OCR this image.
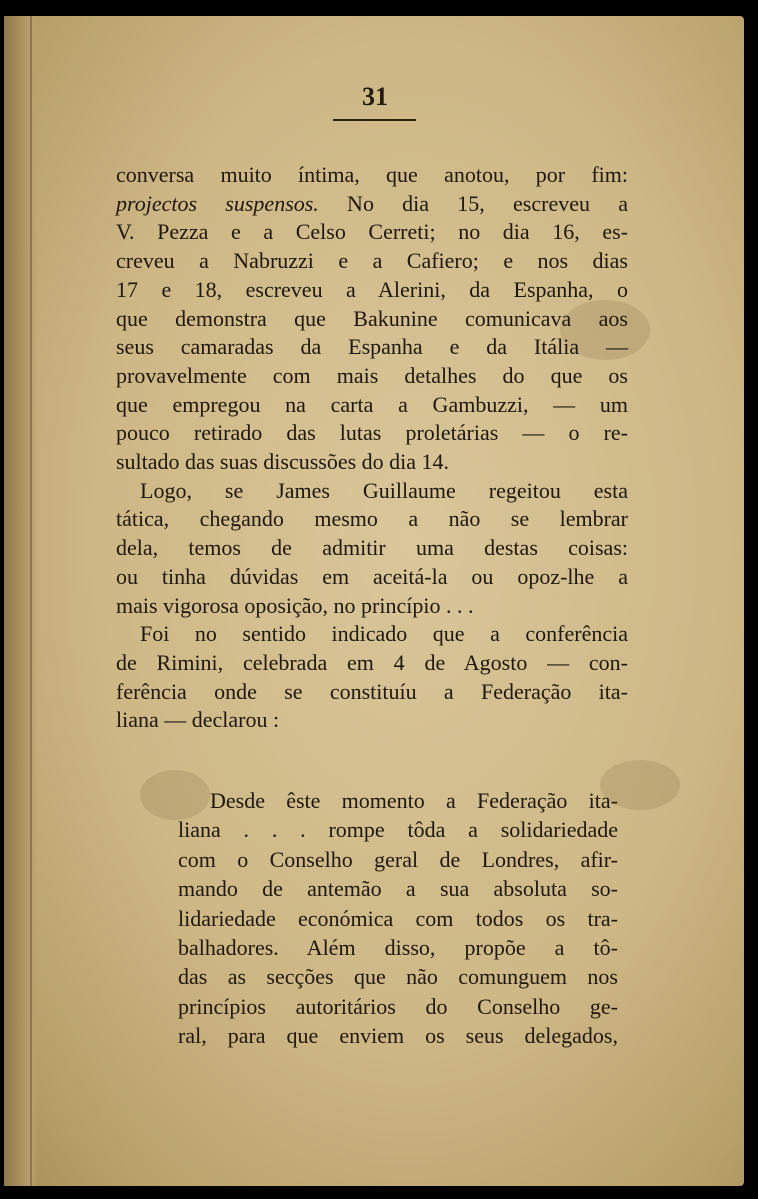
31
conversa muito íntima, que anotou, por fim:
projectos suspensos. No dia 15, escreveu a
V. Pezza e a Celso Cerreti; no dia 16, es-
creveu a Nabruzzi e a Cafiero; e nos dias
17 e 18, escreveu a Alerini, da Espanha, o
que demonstra que Bakunine comunicava aos
seus camaradas da Espanha e da Itália —
provavelmente com mais detalhes do que os
que empregou na carta a Gambuzzi, — um
pouco retirado das lutas proletárias — o re-
sultado das suas discussões do dia 14.
Logo, se James Guillaume regeitou esta
tática, chegando mesmo a não se lembrar
dela, temos de admitir uma destas coisas:
ou tinha dúvidas em aceitá-la ou opoz-lhe a
mais vigorosa oposição, no princípio . . .
Foi no sentido indicado que a conferência
de Rimini, celebrada em 4 de Agosto — con-
ferência onde se constituíu a Federação ita-
liana — declarou :
Desde êste momento a Federação ita-
liana . . . rompe tôda a solidariedade
com o Conselho geral de Londres, afir-
mando de antemão a sua absoluta so-
lidariedade económica com todos os tra-
balhadores. Além disso, propõe a tô-
das as secções que não comunguem nos
princípios autoritários do Conselho ge-
ral, para que enviem os seus delegados,
